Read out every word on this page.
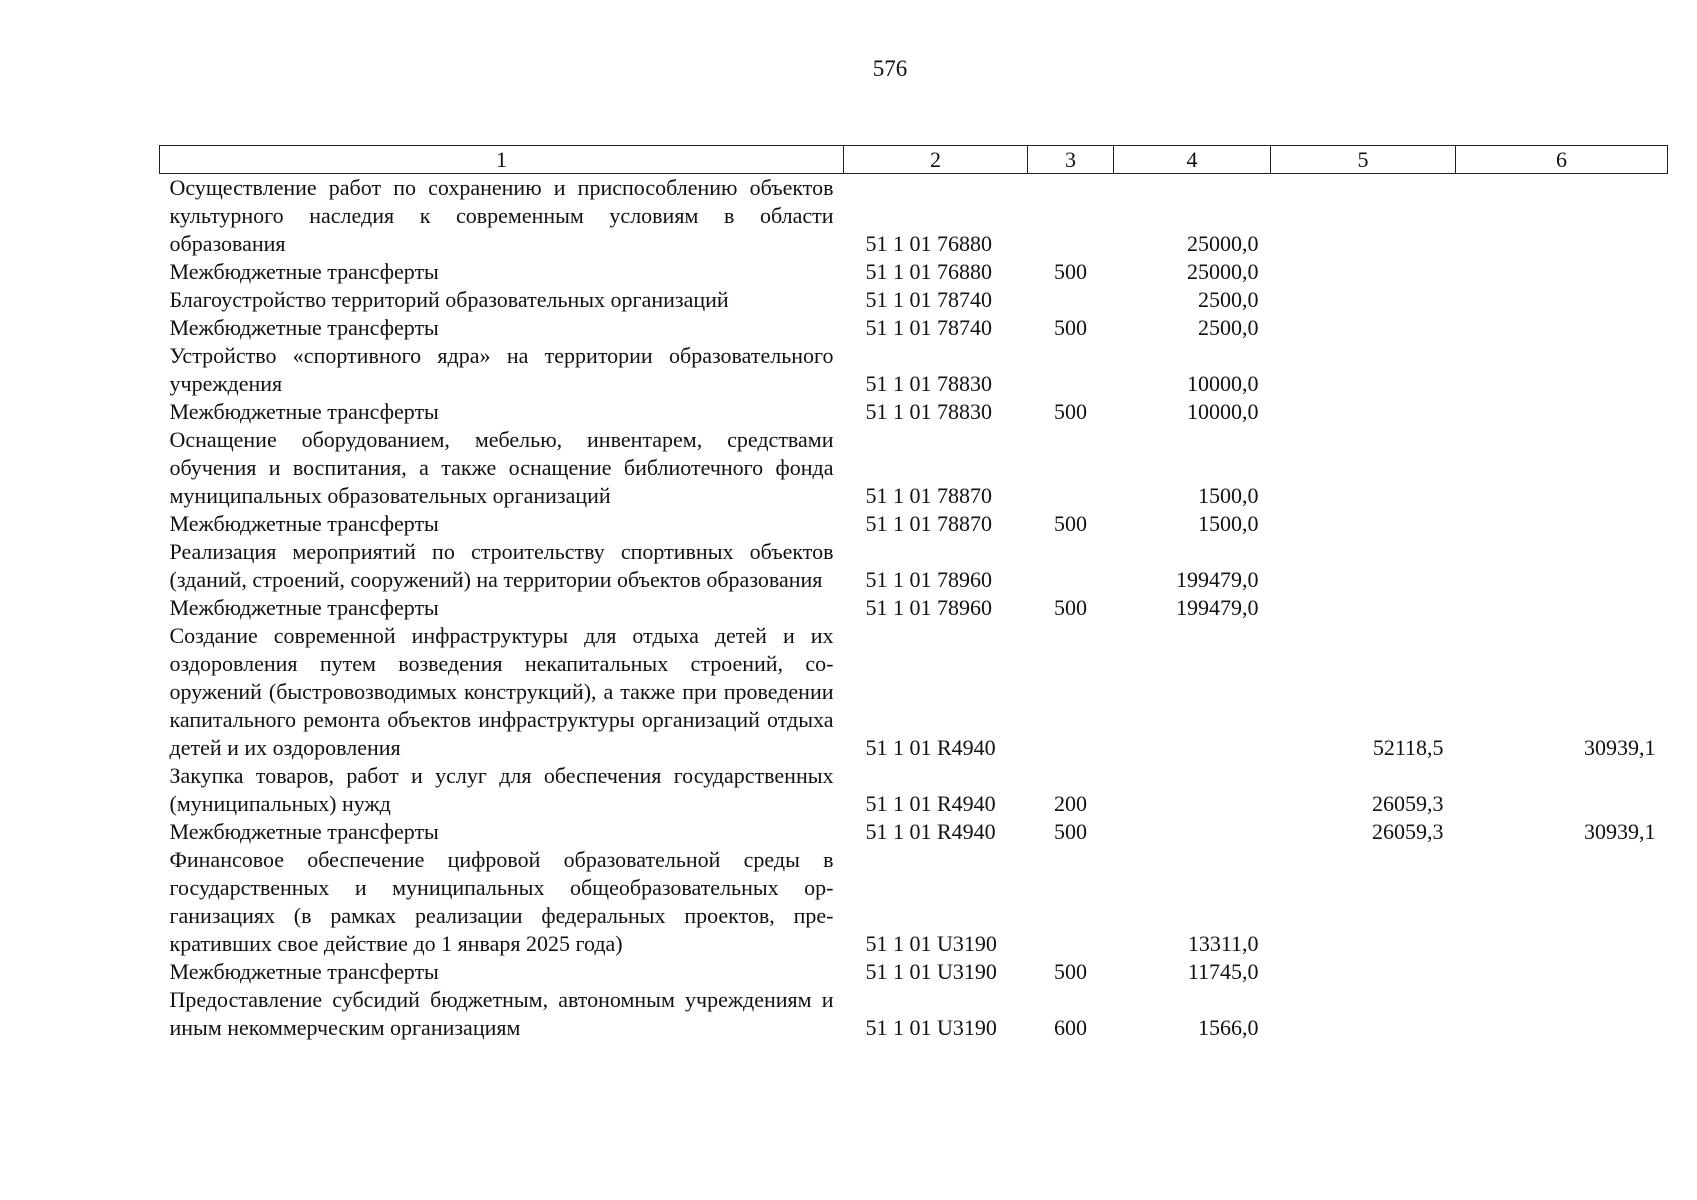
576
1	2	3	4	5	6
Осуществление работ по сохранению и приспособлению объектов культурного наследия к современным условиям в области образования	51 1 01 76880		25000,0		
Межбюджетные трансферты	51 1 01 76880	500	25000,0		
Благоустройство территорий образовательных организаций	51 1 01 78740		2500,0		
Межбюджетные трансферты	51 1 01 78740	500	2500,0		
Устройство «спортивного ядра» на территории образовательного учреждения	51 1 01 78830		10000,0		
Межбюджетные трансферты	51 1 01 78830	500	10000,0		
Оснащение оборудованием, мебелью, инвентарем, средствами обучения и воспитания, а также оснащение библиотечного фонда муниципальных образовательных организаций	51 1 01 78870		1500,0		
Межбюджетные трансферты	51 1 01 78870	500	1500,0		
Реализация мероприятий по строительству спортивных объектов (зданий, строений, сооружений) на территории объектов образования	51 1 01 78960		199479,0		
Межбюджетные трансферты	51 1 01 78960	500	199479,0		
Создание современной инфраструктуры для отдыха детей и их оздоровления путем возведения некапитальных строений, сооружений (быстровозводимых конструкций), а также при проведении капитального ремонта объектов инфраструктуры организаций отдыха детей и их оздоровления	51 1 01 R4940			52118,5	30939,1
Закупка товаров, работ и услуг для обеспечения государственных (муниципальных) нужд	51 1 01 R4940	200		26059,3	
Межбюджетные трансферты	51 1 01 R4940	500		26059,3	30939,1
Финансовое обеспечение цифровой образовательной среды в государственных и муниципальных общеобразовательных организациях (в рамках реализации федеральных проектов, прекративших свое действие до 1 января 2025 года)	51 1 01 U3190		13311,0		
Межбюджетные трансферты	51 1 01 U3190	500	11745,0		
Предоставление субсидий бюджетным, автономным учреждениям и иным некоммерческим организациям	51 1 01 U3190	600	1566,0		
